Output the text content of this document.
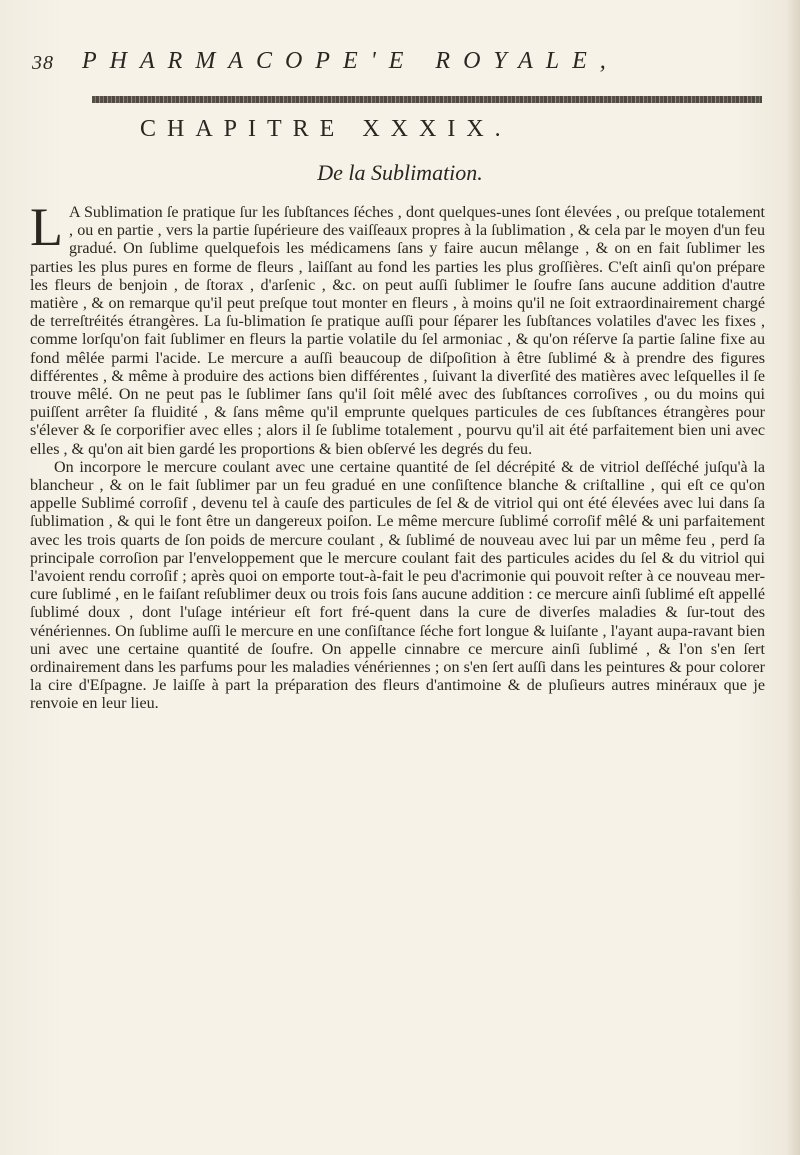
38 PHARMACOPE'E ROYALE,
CHAPITRE XXXIX.
De la Sublimation.

L A Sublimation ſe pratique ſur les ſubſtances ſéches , dont quelques-unes ſont élevées , ou preſque totalement , ou en partie , vers la partie ſupérieure des vaiſſeaux propres à la ſublimation , & cela par le moyen d'un feu gradué. On ſublime quelquefois les médicamens ſans y faire aucun mêlange , & on en fait ſublimer les parties les plus pures en forme de fleurs , laiſſant au fond les parties les plus groſſières. C'eſt ainſi qu'on prépare les fleurs de benjoin , de ſtorax , d'arſenic , &c. on peut auſſi ſublimer le ſoufre ſans aucune addition d'autre matière , & on remarque qu'il peut preſque tout monter en fleurs , à moins qu'il ne ſoit extraordinairement chargé de terreſtréités étrangères. La ſu-blimation ſe pratique auſſi pour ſéparer les ſubſtances volatiles d'avec les fixes , comme lorſqu'on fait ſublimer en fleurs la partie volatile du ſel armoniac , & qu'on réſerve ſa partie ſaline fixe au fond mêlée parmi l'acide. Le mercure a auſſi beaucoup de diſpoſition à être ſublimé & à prendre des figures différentes , & même à produire des actions bien différentes , ſuivant la diverſité des matières avec leſquelles il ſe trouve mêlé. On ne peut pas le ſublimer ſans qu'il ſoit mêlé avec des ſubſtances corroſives , ou du moins qui puiſſent arrêter ſa fluidité , & ſans même qu'il emprunte quelques particules de ces ſubſtances étrangères pour s'élever & ſe corporifier avec elles ; alors il ſe ſublime totalement , pourvu qu'il ait été parfaitement bien uni avec elles , & qu'on ait bien gardé les proportions & bien obſervé les degrés du feu.

On incorpore le mercure coulant avec une certaine quantité de ſel décrépité & de vitriol deſſéché juſqu'à la blancheur , & on le fait ſublimer par un feu gradué en une conſiſtence blanche & criſtalline , qui eſt ce qu'on appelle Sublimé corroſif , devenu tel à cauſe des particules de ſel & de vitriol qui ont été élevées avec lui dans ſa ſublimation , & qui le font être un dangereux poiſon. Le même mercure ſublimé corroſif mêlé & uni parfaitement avec les trois quarts de ſon poids de mercure coulant , & ſublimé de nouveau avec lui par un même feu , perd ſa principale corroſion par l'enveloppement que le mercure coulant fait des particules acides du ſel & du vitriol qui l'avoient rendu corroſif ; après quoi on emporte tout-à-fait le peu d'acrimonie qui pouvoit reſter à ce nouveau mer-cure ſublimé , en le faiſant reſublimer deux ou trois fois ſans aucune addition : ce mercure ainſi ſublimé eſt appellé ſublimé doux , dont l'uſage intérieur eſt fort fré-quent dans la cure de diverſes maladies & ſur-tout des vénériennes. On ſublime auſſi le mercure en une conſiſtance ſéche fort longue & luiſante , l'ayant aupa-ravant bien uni avec une certaine quantité de ſoufre. On appelle cinnabre ce mercure ainſi ſublimé , & l'on s'en ſert ordinairement dans les parfums pour les maladies vénériennes ; on s'en ſert auſſi dans les peintures & pour colorer la cire d'Eſpagne. Je laiſſe à part la préparation des fleurs d'antimoine & de pluſieurs autres minéraux que je renvoie en leur lieu.
